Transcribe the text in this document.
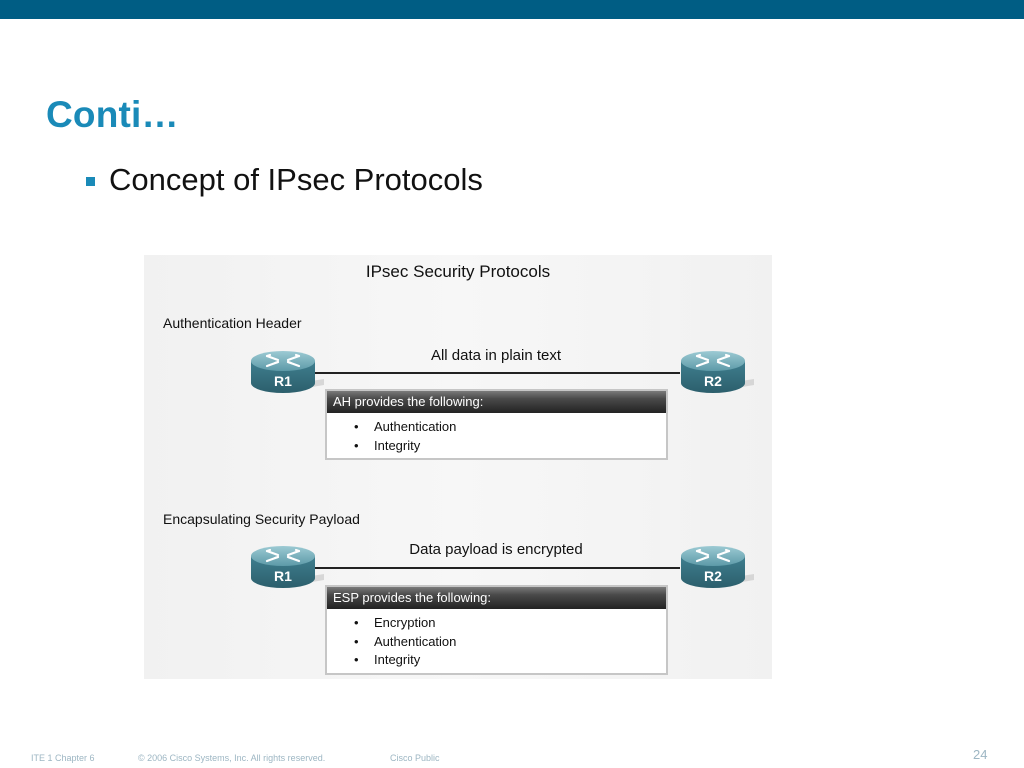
Conti…
Concept of IPsec Protocols
IPsec Security Protocols
Authentication Header
All data in plain text
R1	R2
AH provides the following:
• Authentication
• Integrity
Encapsulating Security Payload
Data payload is encrypted
R1	R2
ESP provides the following:
• Encryption
• Authentication
• Integrity
ITE 1 Chapter 6	© 2006 Cisco Systems, Inc. All rights reserved.	Cisco Public	24
